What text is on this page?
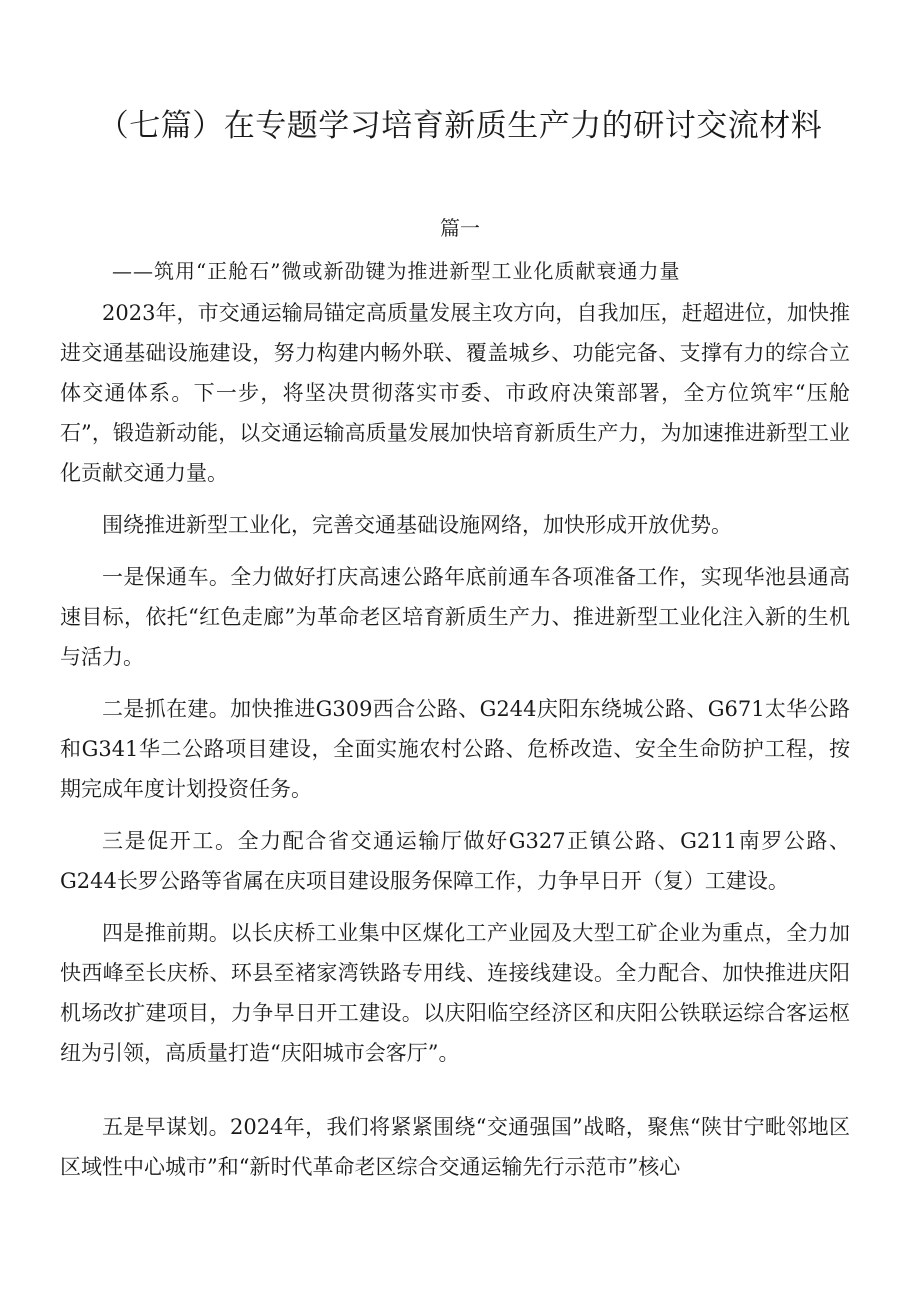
（七篇）在专题学习培育新质生产力的研讨交流材料
篇一
——筑用“正舱石”微或新劭键为推进新型工业化质献衰通力量

2023年，市交通运输局锚定高质量发展主攻方向，自我加压，赶超进位，加快推进交通基础设施建设，努力构建内畅外联、覆盖城乡、功能完备、支撑有力的综合立体交通体系。下一步，将坚决贯彻落实市委、市政府决策部署，全方位筑牢“压舱石”，锻造新动能，以交通运输高质量发展加快培育新质生产力，为加速推进新型工业化贡献交通力量。

围绕推进新型工业化，完善交通基础设施网络，加快形成开放优势。

一是保通车。全力做好打庆高速公路年底前通车各项准备工作，实现华池县通高速目标，依托“红色走廊”为革命老区培育新质生产力、推进新型工业化注入新的生机与活力。

二是抓在建。加快推进G309西合公路、G244庆阳东绕城公路、G671太华公路和G341华二公路项目建设，全面实施农村公路、危桥改造、安全生命防护工程，按期完成年度计划投资任务。

三是促开工。全力配合省交通运输厅做好G327正镇公路、G211南罗公路、G244长罗公路等省属在庆项目建设服务保障工作，力争早日开（复）工建设。

四是推前期。以长庆桥工业集中区煤化工产业园及大型工矿企业为重点，全力加快西峰至长庆桥、环县至褚家湾铁路专用线、连接线建设。全力配合、加快推进庆阳机场改扩建项目，力争早日开工建设。以庆阳临空经济区和庆阳公铁联运综合客运枢纽为引领，高质量打造“庆阳城市会客厅”。

五是早谋划。2024年，我们将紧紧围绕“交通强国”战略，聚焦“陕甘宁毗邻地区区域性中心城市”和“新时代革命老区综合交通运输先行示范市”核心
